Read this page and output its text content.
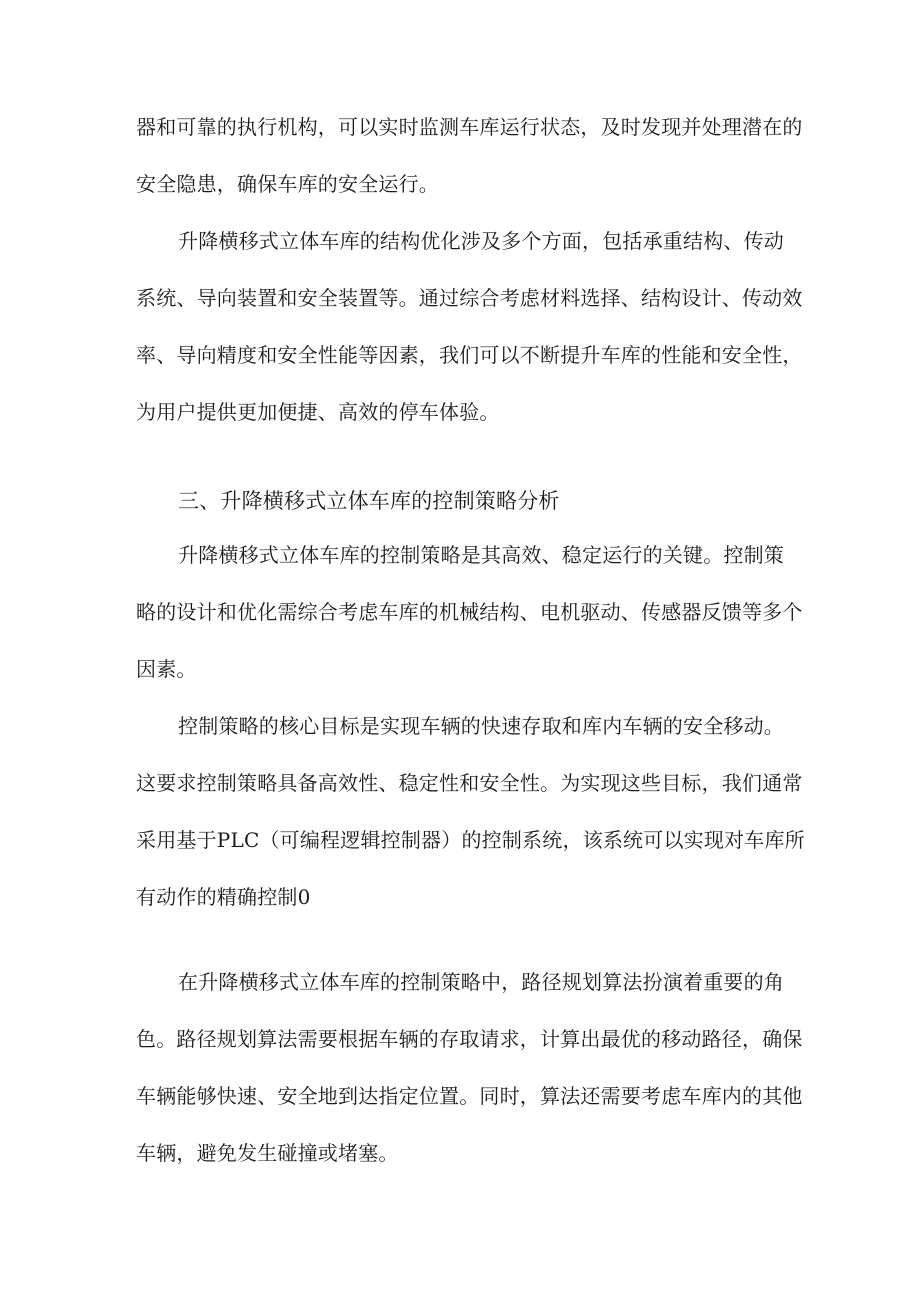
器和可靠的执行机构，可以实时监测车库运行状态，及时发现并处理潜在的
安全隐患，确保车库的安全运行。
升降横移式立体车库的结构优化涉及多个方面，包括承重结构、传动
系统、导向装置和安全装置等。通过综合考虑材料选择、结构设计、传动效
率、导向精度和安全性能等因素，我们可以不断提升车库的性能和安全性，
为用户提供更加便捷、高效的停车体验。
三、升降横移式立体车库的控制策略分析
升降横移式立体车库的控制策略是其高效、稳定运行的关键。控制策
略的设计和优化需综合考虑车库的机械结构、电机驱动、传感器反馈等多个
因素。
控制策略的核心目标是实现车辆的快速存取和库内车辆的安全移动。
这要求控制策略具备高效性、稳定性和安全性。为实现这些目标，我们通常
采用基于PLC（可编程逻辑控制器）的控制系统，该系统可以实现对车库所
有动作的精确控制0
在升降横移式立体车库的控制策略中，路径规划算法扮演着重要的角
色。路径规划算法需要根据车辆的存取请求，计算出最优的移动路径，确保
车辆能够快速、安全地到达指定位置。同时，算法还需要考虑车库内的其他
车辆，避免发生碰撞或堵塞。
